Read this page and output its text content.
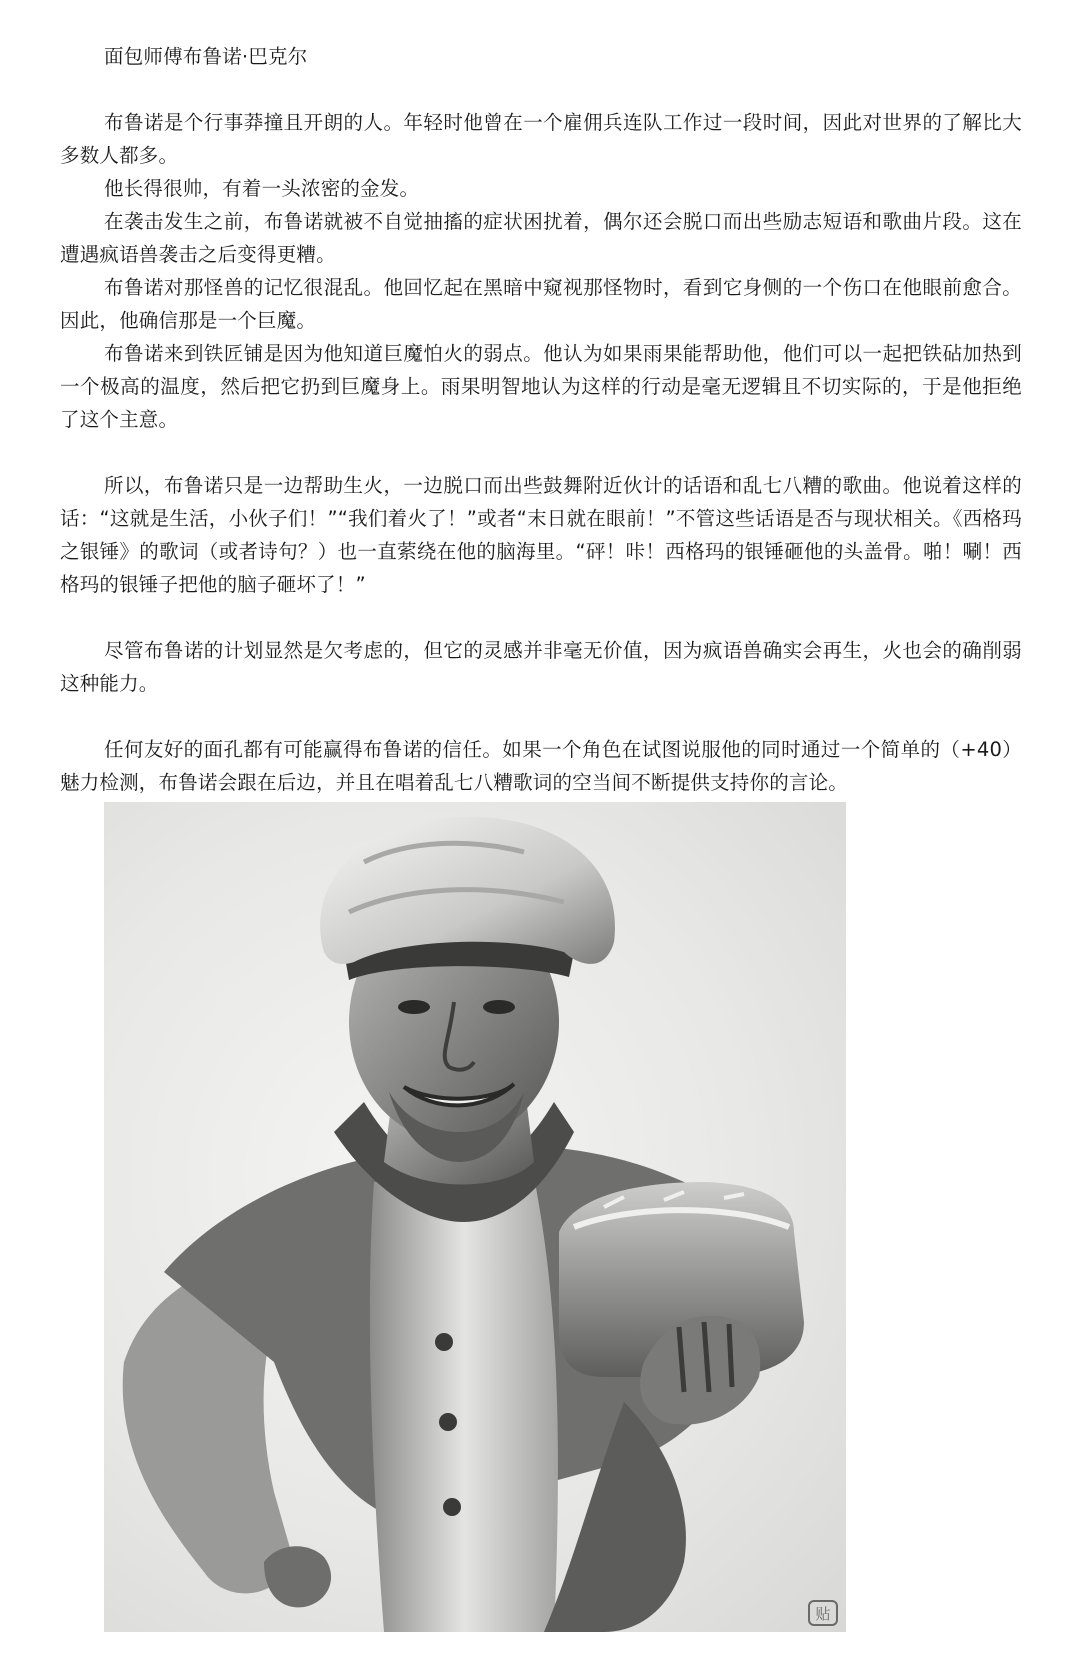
面包师傅布鲁诺·巴克尔

布鲁诺是个行事莽撞且开朗的人。年轻时他曾在一个雇佣兵连队工作过一段时间，因此对世界的了解比大多数人都多。

他长得很帅，有着一头浓密的金发。

在袭击发生之前，布鲁诺就被不自觉抽搐的症状困扰着，偶尔还会脱口而出些励志短语和歌曲片段。这在遭遇疯语兽袭击之后变得更糟。

布鲁诺对那怪兽的记忆很混乱。他回忆起在黑暗中窥视那怪物时，看到它身侧的一个伤口在他眼前愈合。因此，他确信那是一个巨魔。

布鲁诺来到铁匠铺是因为他知道巨魔怕火的弱点。他认为如果雨果能帮助他，他们可以一起把铁砧加热到一个极高的温度，然后把它扔到巨魔身上。雨果明智地认为这样的行动是毫无逻辑且不切实际的，于是他拒绝了这个主意。

所以，布鲁诺只是一边帮助生火，一边脱口而出些鼓舞附近伙计的话语和乱七八糟的歌曲。他说着这样的话：“这就是生活，小伙子们！”“我们着火了！”或者“末日就在眼前！”不管这些话语是否与现状相关。《西格玛之银锤》的歌词（或者诗句？）也一直萦绕在他的脑海里。“砰！咔！西格玛的银锤砸他的头盖骨。啪！唰！西格玛的银锤子把他的脑子砸坏了！”

尽管布鲁诺的计划显然是欠考虑的，但它的灵感并非毫无价值，因为疯语兽确实会再生，火也会的确削弱这种能力。

任何友好的面孔都有可能赢得布鲁诺的信任。如果一个角色在试图说服他的同时通过一个简单的（+40）魅力检测，布鲁诺会跟在后边，并且在唱着乱七八糟歌词的空当间不断提供支持你的言论。

贴
